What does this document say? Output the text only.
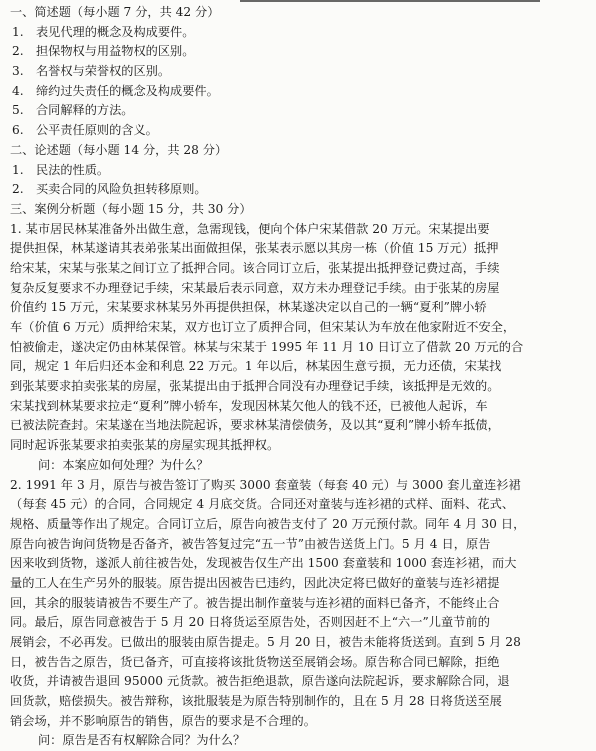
一、简述题（每小题 7 分，共 42 分）
1. 表见代理的概念及构成要件。
2. 担保物权与用益物权的区别。
3. 名誉权与荣誉权的区别。
4. 缔约过失责任的概念及构成要件。
5. 合同解释的方法。
6. 公平责任原则的含义。
二、论述题（每小题 14 分，共 28 分）
1. 民法的性质。
2. 买卖合同的风险负担转移原则。
三、案例分析题（每小题 15 分，共 30 分）
1. 某市居民林某准备外出做生意，急需现钱，便向个体户宋某借款 20 万元。宋某提出要
提供担保，林某遂请其表弟张某出面做担保，张某表示愿以其房一栋（价值 15 万元）抵押
给宋某，宋某与张某之间订立了抵押合同。该合同订立后，张某提出抵押登记费过高，手续
复杂反复要求不办理登记手续，宋某最后表示同意，双方未办理登记手续。由于张某的房屋
价值约 15 万元，宋某要求林某另外再提供担保，林某遂决定以自己的一辆“夏利”牌小轿
车（价值 6 万元）质押给宋某，双方也订立了质押合同，但宋某认为车放在他家附近不安全，
怕被偷走，遂决定仍由林某保管。林某与宋某于 1995 年 11 月 10 日订立了借款 20 万元的合
同，规定 1 年后归还本金和利息 22 万元。1 年以后，林某因生意亏损，无力还债，宋某找
到张某要求拍卖张某的房屋，张某提出由于抵押合同没有办理登记手续，该抵押是无效的。
宋某找到林某要求拉走“夏利”牌小轿车，发现因林某欠他人的钱不还，已被他人起诉，车
已被法院查封。宋某遂在当地法院起诉，要求林某清偿债务，及以其“夏利”牌小轿车抵债，
同时起诉张某要求拍卖张某的房屋实现其抵押权。
问：本案应如何处理？为什么？
2. 1991 年 3 月，原告与被告签订了购买 3000 套童装（每套 40 元）与 3000 套儿童连衫裙
（每套 45 元）的合同，合同规定 4 月底交货。合同还对童装与连衫裙的式样、面料、花式、
规格、质量等作出了规定。合同订立后，原告向被告支付了 20 万元预付款。同年 4 月 30 日，
原告向被告询问货物是否备齐，被告答复过完“五一节”由被告送货上门。5 月 4 日，原告
因来收到货物，遂派人前往被告处，发现被告仅生产出 1500 套童装和 1000 套连衫裙，而大
量的工人在生产另外的服装。原告提出因被告已违约，因此决定将已做好的童装与连衫裙提
回，其余的服装请被告不要生产了。被告提出制作童装与连衫裙的面料已备齐，不能终止合
同。最后，原告同意被告于 5 月 20 日将货运至原告处，否则因赶不上“六一”儿童节前的
展销会，不必再发。已做出的服装由原告提走。5 月 20 日，被告未能将货送到。直到 5 月 28
日，被告告之原告，货已备齐，可直接将该批货物送至展销会场。原告称合同已解除，拒绝
收货，并请被告退回 95000 元货款。被告拒绝退款，原告遂向法院起诉，要求解除合同，退
回货款，赔偿损失。被告辩称，该批服装是为原告特别制作的，且在 5 月 28 日将货送至展
销会场，并不影响原告的销售，原告的要求是不合理的。
问：原告是否有权解除合同？为什么？
